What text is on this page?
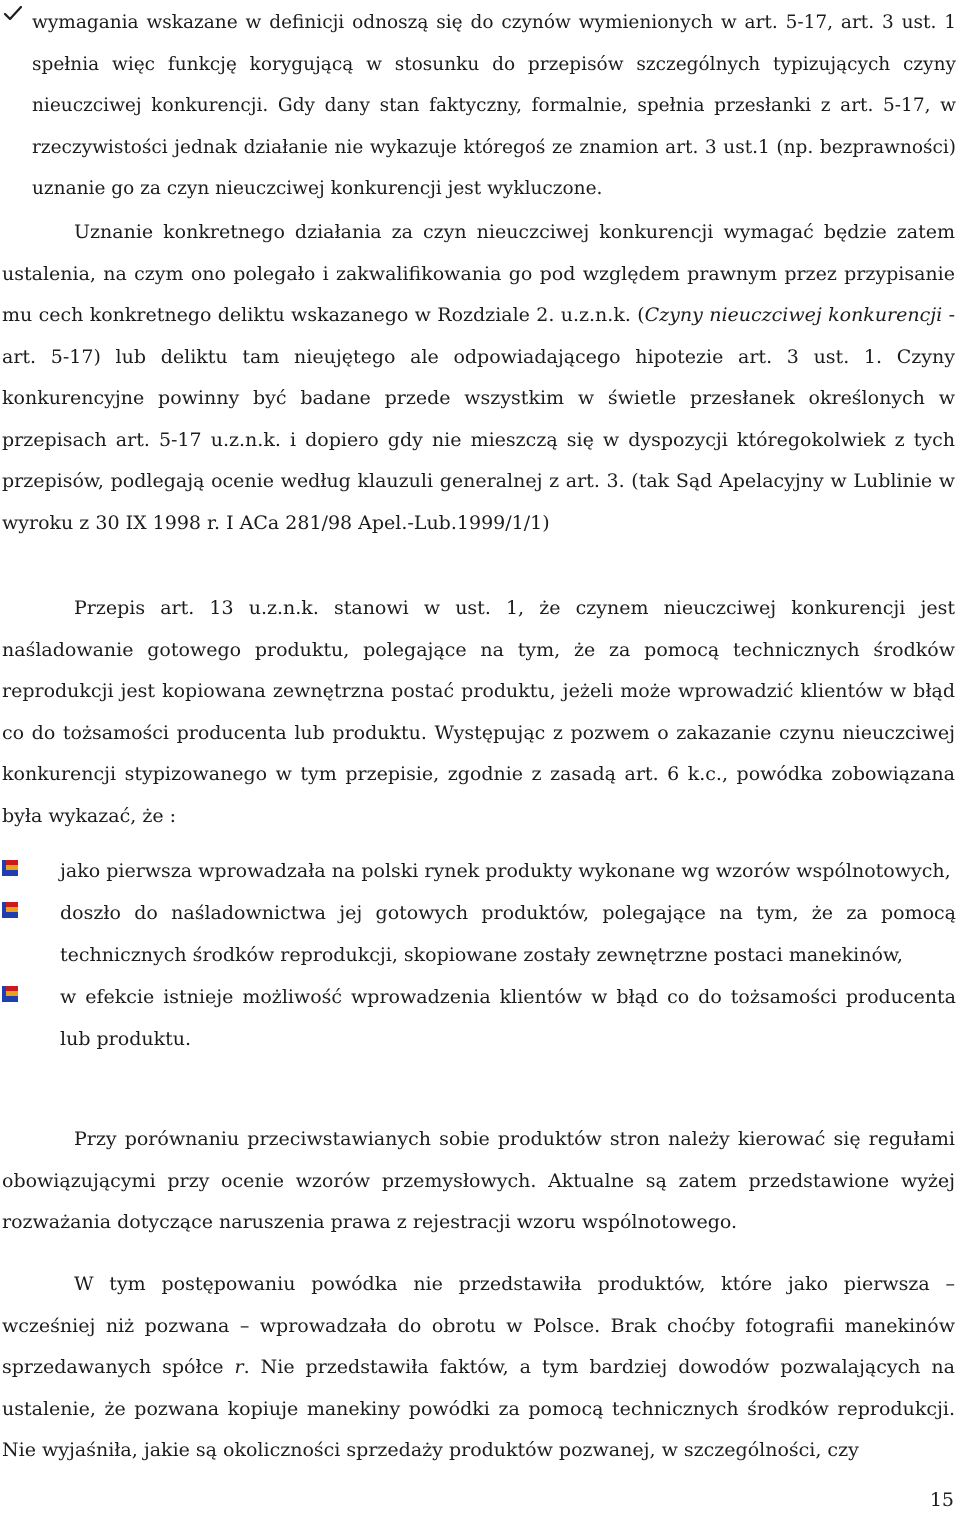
wymagania wskazane w definicji odnoszą się do czynów wymienionych w art. 5-17, art. 3 ust. 1 spełnia więc funkcję korygującą w stosunku do przepisów szczególnych typizujących czyny nieuczciwej konkurencji. Gdy dany stan faktyczny, formalnie, spełnia przesłanki z art. 5-17, w rzeczywistości jednak działanie nie wykazuje któregoś ze znamion art. 3 ust.1 (np. bezprawności) uznanie go za czyn nieuczciwej konkurencji jest wykluczone.

Uznanie konkretnego działania za czyn nieuczciwej konkurencji wymagać będzie zatem ustalenia, na czym ono polegało i zakwalifikowania go pod względem prawnym przez przypisanie mu cech konkretnego deliktu wskazanego w Rozdziale 2. u.z.n.k. (Czyny nieuczciwej konkurencji - art. 5-17) lub deliktu tam nieujętego ale odpowiadającego hipotezie art. 3 ust. 1. Czyny konkurencyjne powinny być badane przede wszystkim w świetle przesłanek określonych w przepisach art. 5-17 u.z.n.k. i dopiero gdy nie mieszczą się w dyspozycji któregokolwiek z tych przepisów, podlegają ocenie według klauzuli generalnej z art. 3. (tak Sąd Apelacyjny w Lublinie w wyroku z 30 IX 1998 r. I ACa 281/98 Apel.-Lub.1999/1/1)

Przepis art. 13 u.z.n.k. stanowi w ust. 1, że czynem nieuczciwej konkurencji jest naśladowanie gotowego produktu, polegające na tym, że za pomocą technicznych środków reprodukcji jest kopiowana zewnętrzna postać produktu, jeżeli może wprowadzić klientów w błąd co do tożsamości producenta lub produktu. Występując z pozwem o zakazanie czynu nieuczciwej konkurencji stypizowanego w tym przepisie, zgodnie z zasadą art. 6 k.c., powódka zobowiązana była wykazać, że :

jako pierwsza wprowadzała na polski rynek produkty wykonane wg wzorów wspólnotowych,
doszło do naśladownictwa jej gotowych produktów, polegające na tym, że za pomocą technicznych środków reprodukcji, skopiowane zostały zewnętrzne postaci manekinów,
w efekcie istnieje możliwość wprowadzenia klientów w błąd co do tożsamości producenta lub produktu.

Przy porównaniu przeciwstawianych sobie produktów stron należy kierować się regułami obowiązującymi przy ocenie wzorów przemysłowych. Aktualne są zatem przedstawione wyżej rozważania dotyczące naruszenia prawa z rejestracji wzoru wspólnotowego.

W tym postępowaniu powódka nie przedstawiła produktów, które jako pierwsza – wcześniej niż pozwana – wprowadzała do obrotu w Polsce. Brak choćby fotografii manekinów sprzedawanych spółce r. Nie przedstawiła faktów, a tym bardziej dowodów pozwalających na ustalenie, że pozwana kopiuje manekiny powódki za pomocą technicznych środków reprodukcji. Nie wyjaśniła, jakie są okoliczności sprzedaży produktów pozwanej, w szczególności, czy

15
